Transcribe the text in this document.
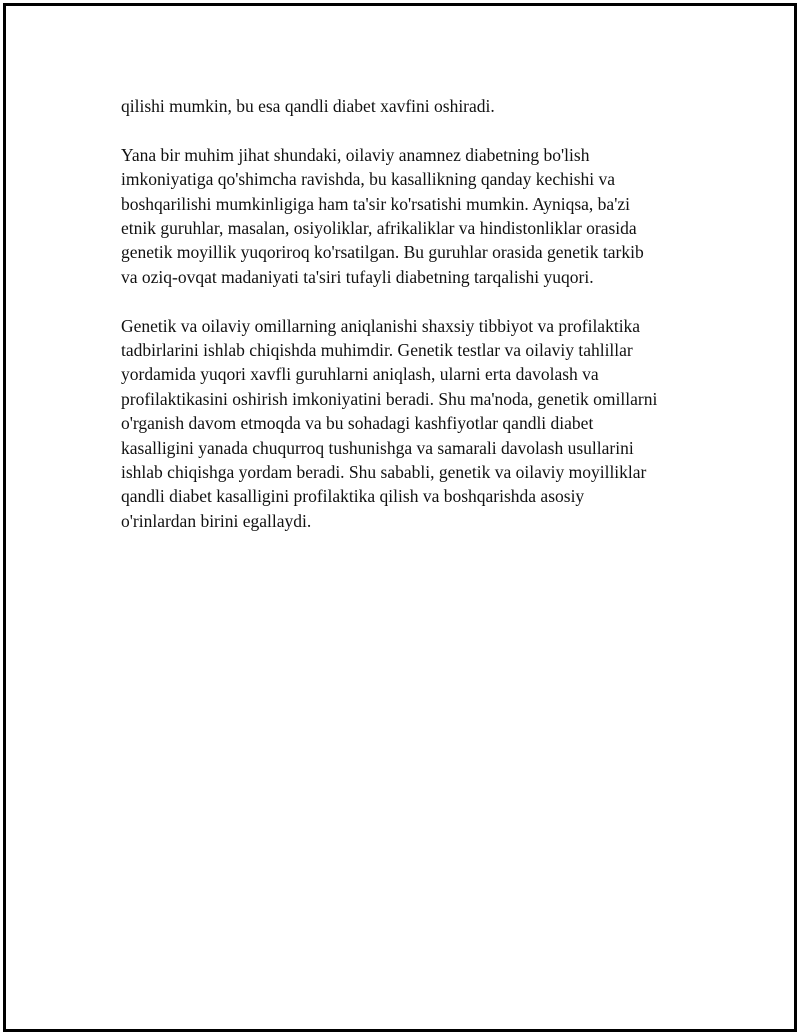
qilishi mumkin, bu esa qandli diabet xavfini oshiradi.

Yana bir muhim jihat shundaki, oilaviy anamnez diabetning bo'lish
imkoniyatiga qo'shimcha ravishda, bu kasallikning qanday kechishi va
boshqarilishi mumkinligiga ham ta'sir ko'rsatishi mumkin. Ayniqsa, ba'zi
etnik guruhlar, masalan, osiyoliklar, afrikaliklar va hindistonliklar orasida
genetik moyillik yuqoriroq ko'rsatilgan. Bu guruhlar orasida genetik tarkib
va oziq-ovqat madaniyati ta'siri tufayli diabetning tarqalishi yuqori.

Genetik va oilaviy omillarning aniqlanishi shaxsiy tibbiyot va profilaktika
tadbirlarini ishlab chiqishda muhimdir. Genetik testlar va oilaviy tahlillar
yordamida yuqori xavfli guruhlarni aniqlash, ularni erta davolash va
profilaktikasini oshirish imkoniyatini beradi. Shu ma'noda, genetik omillarni
o'rganish davom etmoqda va bu sohadagi kashfiyotlar qandli diabet
kasalligini yanada chuqurroq tushunishga va samarali davolash usullarini
ishlab chiqishga yordam beradi. Shu sababli, genetik va oilaviy moyilliklar
qandli diabet kasalligini profilaktika qilish va boshqarishda asosiy
o'rinlardan birini egallaydi.
